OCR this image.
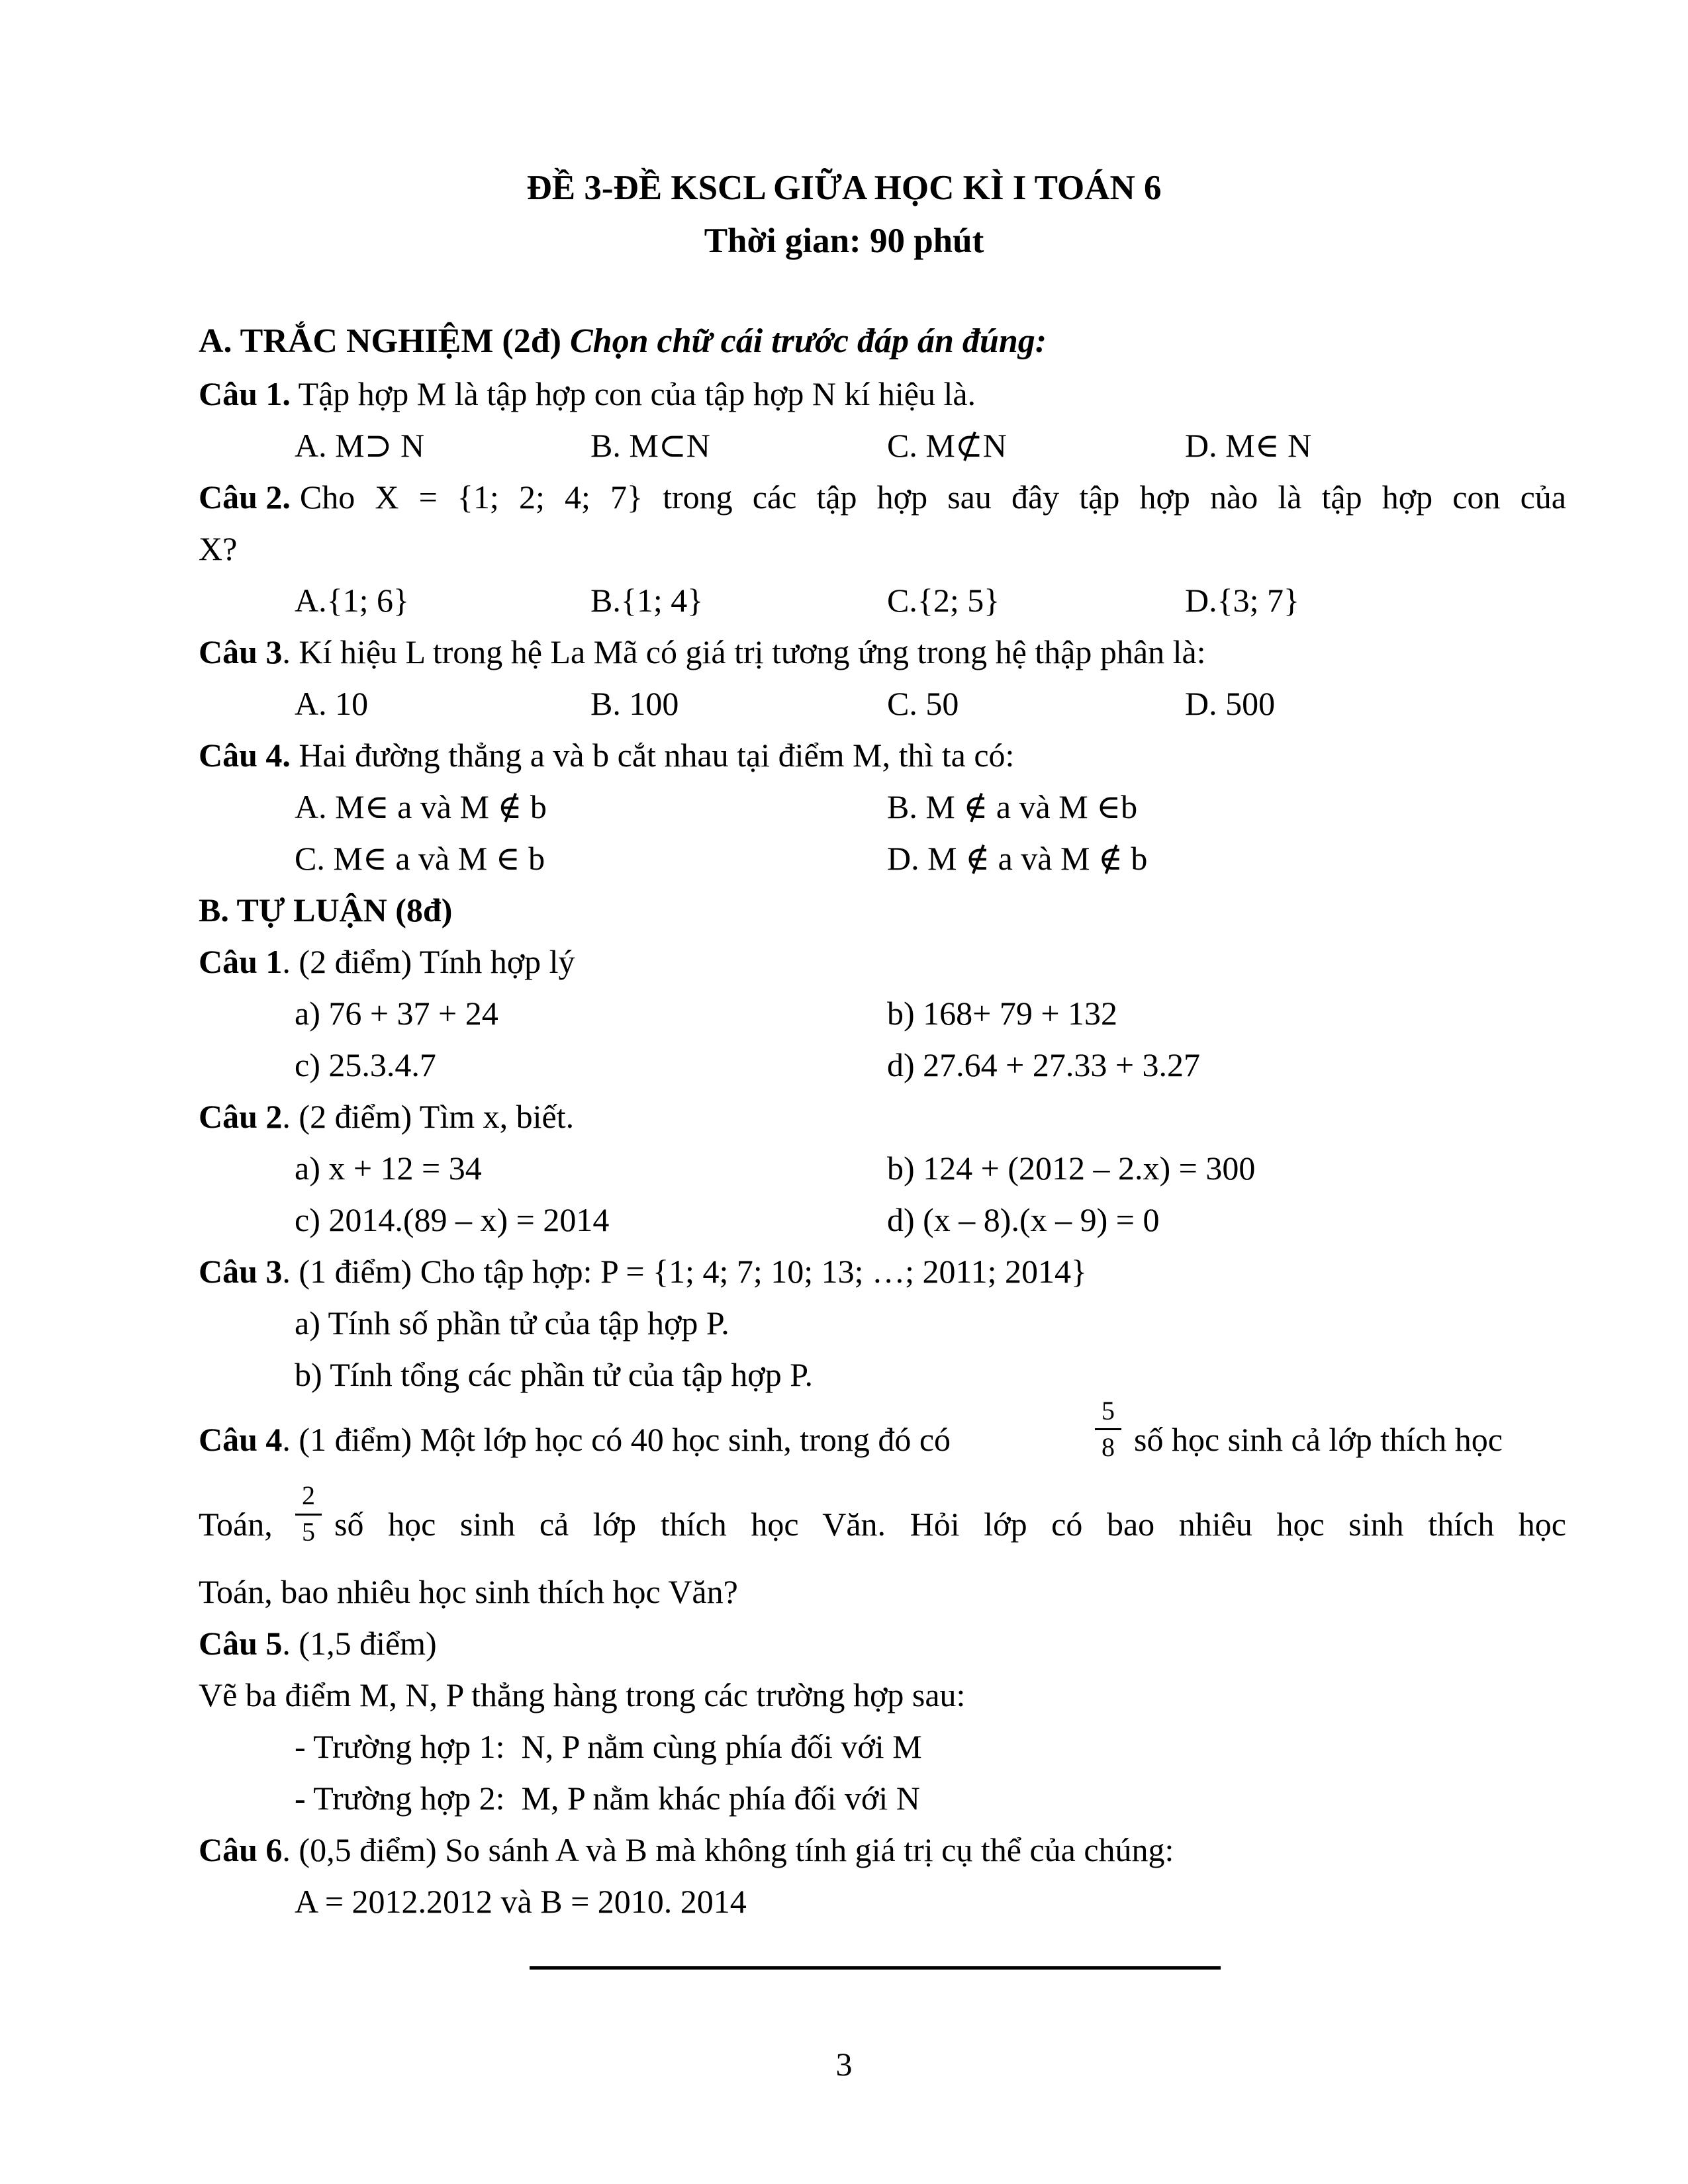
ĐỀ 3-ĐỀ KSCL GIỮA HỌC KÌ I TOÁN 6
Thời gian: 90 phút
A. TRẮC NGHIỆM (2đ) Chọn chữ cái trước đáp án đúng:
Câu 1. Tập hợp M là tập hợp con của tập hợp N kí hiệu là.
A. M⊃ N	B. M⊂N	C. M⊄N	D. M∈ N
Câu 2. Cho X = {1; 2; 4; 7} trong các tập hợp sau đây tập hợp nào là tập hợp con của
X?
A.{1; 6}	B.{1; 4}	C.{2; 5}	D.{3; 7}
Câu 3. Kí hiệu L trong hệ La Mã có giá trị tương ứng trong hệ thập phân là:
A. 10	B. 100	C. 50	D. 500
Câu 4. Hai đường thẳng a và b cắt nhau tại điểm M, thì ta có:
A. M∈ a và M ∉ b	B. M ∉ a và M ∈b
C. M∈ a và M ∈ b	D. M ∉ a và M ∉ b
B. TỰ LUẬN (8đ)
Câu 1. (2 điểm) Tính hợp lý
a) 76 + 37 + 24	b) 168+ 79 + 132
c) 25.3.4.7	d) 27.64 + 27.33 + 3.27
Câu 2. (2 điểm) Tìm x, biết.
a) x + 12 = 34	b) 124 + (2012 – 2.x) = 300
c) 2014.(89 – x) = 2014	d) (x – 8).(x – 9) = 0
Câu 3. (1 điểm) Cho tập hợp: P = {1; 4; 7; 10; 13; …; 2011; 2014}
a) Tính số phần tử của tập hợp P.
b) Tính tổng các phần tử của tập hợp P.
Câu 4. (1 điểm) Một lớp học có 40 học sinh, trong đó có
5
8 số học sinh cả lớp thích học
Toán,
2
5 số học sinh cả lớp thích học Văn. Hỏi lớp có bao nhiêu học sinh thích học
Toán, bao nhiêu học sinh thích học Văn?
Câu 5. (1,5 điểm)
Vẽ ba điểm M, N, P thẳng hàng trong các trường hợp sau:
- Trường hợp 1:  N, P nằm cùng phía đối với M
- Trường hợp 2:  M, P nằm khác phía đối với N
Câu 6. (0,5 điểm) So sánh A và B mà không tính giá trị cụ thể của chúng:
A = 2012.2012 và B = 2010. 2014
3
